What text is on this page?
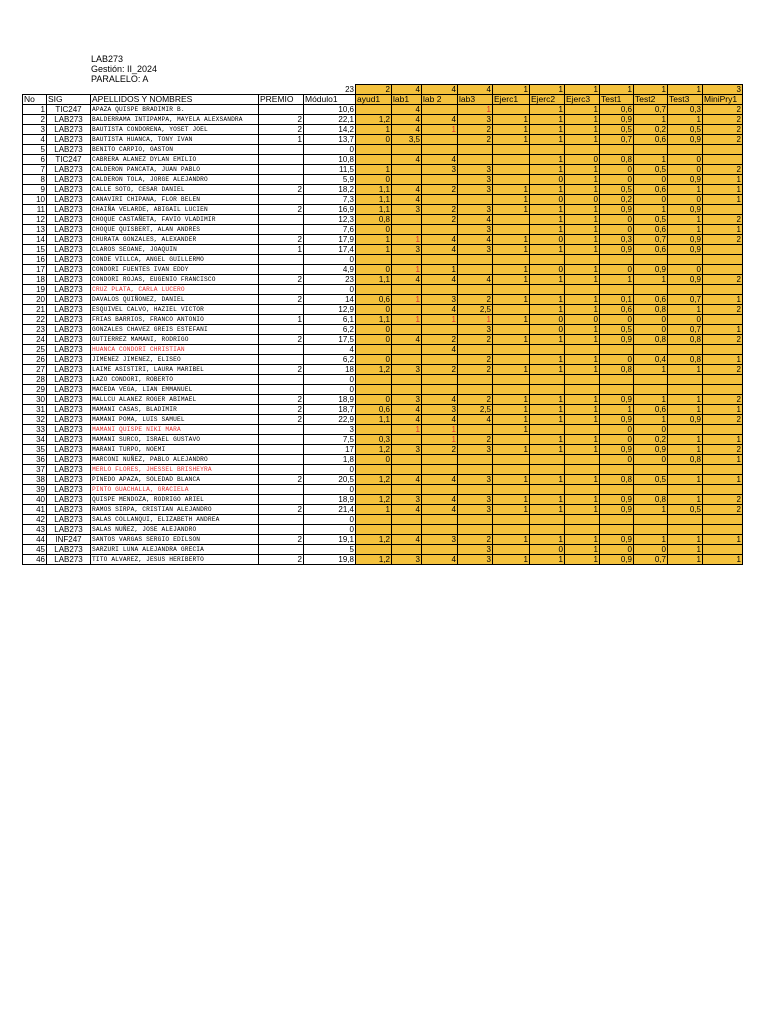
LAB273
Gestión: II_2024
PARALELO: A
				23	2	4	4	4	1	1	1	1	1	1	3
No	SIG	APELLIDOS Y NOMBRES	PREMIO	Módulo1	ayud1	lab1	lab 2	lab3	Ejerc1	Ejerc2	Ejerc3	Test1	Test2	Test3	MiniPry1
1	TIC247	APAZA QUISPE BRADIMIR B.		10,6		4		1		1	1	0,6	0,7	0,3	2
2	LAB273	BALDERRAMA INTIPAMPA, MAYELA ALEXSANDRA	2	22,1	1,2	4	4	3	1	1	1	0,9	1	1	2
3	LAB273	BAUTISTA CONDORENA, YOSET JOEL	2	14,2	1	4	1	2	1	1	1	0,5	0,2	0,5	2
4	LAB273	BAUTISTA HUANCA, TONY IVAN	1	13,7	0	3,5		2	1	1	1	0,7	0,6	0,9	2
5	LAB273	BENITO CARPIO, GASTON		0											
6	TIC247	CABRERA ALANEZ DYLAN EMILIO		10,8		4	4			1	0	0,8	1	0	
7	LAB273	CALDERON PANCATA, JUAN PABLO		11,5	1		3	3		1	1	0	0,5	0	2
8	LAB273	CALDERON TOLA, JORGE ALEJANDRO		5,9	0			3		0	1	0	0	0,9	1
9	LAB273	CALLE SOTO, CESAR DANIEL	2	18,2	1,1	4	2	3	1	1	1	0,5	0,6	1	1
10	LAB273	CANAVIRI CHIPANA, FLOR BELEN		7,3	1,1	4			1	0	0	0,2	0	0	1
11	LAB273	CHAIÑA VELARDE, ABIGAIL LUCIEN	2	16,9	1,1	3	2	3	1	1	1	0,9	1	0,9	
12	LAB273	CHOQUE CASTAÑETA, FAVIO VLADIMIR		12,3	0,8		2	4		1	1	0	0,5	1	2
13	LAB273	CHOQUE QUISBERT, ALAN ANDRES		7,6	0			3		1	1	0	0,6	1	1
14	LAB273	CHURATA GONZALES, ALEXANDER	2	17,9	1	1	4	4	1	0	1	0,3	0,7	0,9	2
15	LAB273	CLAROS SEOANE, JOAQUIN	1	17,4	1	3	4	3	1	1	1	0,9	0,6	0,9	
16	LAB273	CONDE VILLCA, ANGEL GUILLERMO		0											
17	LAB273	CONDORI FUENTES IVAN EDDY		4,9	0	1	1		1	0	1	0	0,9	0	
18	LAB273	CONDORI ROJAS, EUGENIO FRANCISCO	2	23	1,1	4	4	4	1	1	1	1	1	0,9	2
19	LAB273	CRUZ PLATA, CARLA LUCERO		0											
20	LAB273	DAVALOS QUIÑONEZ, DANIEL	2	14	0,6	1	3	2	1	1	1	0,1	0,6	0,7	1
21	LAB273	ESQUIVEL CALVO, HAZIEL VICTOR		12,9	0		4	2,5		1	1	0,6	0,8	1	2
22	LAB273	FRIAS BARRIOS, FRANCO ANTONIO	1	6,1	1,1	1	1	1	1	0	0	0	0	0	
23	LAB273	GONZALES CHAVEZ GREIS ESTEFANI		6,2	0			3		0	1	0,5	0	0,7	1
24	LAB273	GUTIERREZ MAMANI, RODRIGO	2	17,5	0	4	2	2	1	1	1	0,9	0,8	0,8	2
25	LAB273	HUANCA CONDORI CHRISTIAN		4			4								
26	LAB273	JIMENEZ JIMENEZ, ELISEO		6,2	0			2		1	1	0	0,4	0,8	1
27	LAB273	LAIME ASISTIRI, LAURA MARIBEL	2	18	1,2	3	2	2	1	1	1	0,8	1	1	2
28	LAB273	LAZO CONDORI, ROBERTO		0											
29	LAB273	MACEDA VEGA, LIAN EMMANUEL		0											
30	LAB273	MALLCU ALANEZ ROGER ABIMAEL	2	18,9	0	3	4	2	1	1	1	0,9	1	1	2
31	LAB273	MAMANI CASAS, BLADIMIR	2	18,7	0,6	4	3	2,5	1	1	1	1	0,6	1	1
32	LAB273	MAMANI POMA, LUIS SAMUEL	2	22,9	1,1	4	4	4	1	1	1	0,9	1	0,9	2
33	LAB273	MAMANI QUISPE NIKI MARA		3		1	1		1			0	0		
34	LAB273	MAMANI SURCO, ISRAEL GUSTAVO		7,5	0,3		1	2		1	1	0	0,2	1	1
35	LAB273	MARANI TURPO, NOEMI		17	1,2	3	2	3	1	1	1	0,9	0,9	1	2
36	LAB273	MARCONI NUÑEZ, PABLO ALEJANDRO		1,8	0							0	0	0,8	1
37	LAB273	MERLO FLORES, JHESSEL BRISHEYRA		0											
38	LAB273	PINEDO APAZA, SOLEDAD BLANCA	2	20,5	1,2	4	4	3	1	1	1	0,8	0,5	1	1
39	LAB273	PINTO GUACHALLA, GRACIELA		0											
40	LAB273	QUISPE MENDOZA, RODRIGO ARIEL		18,9	1,2	3	4	3	1	1	1	0,9	0,8	1	2
41	LAB273	RAMOS SIRPA, CRISTIAN ALEJANDRO	2	21,4	1	4	4	3	1	1	1	0,9	1	0,5	2
42	LAB273	SALAS COLLANQUI, ELIZABETH ANDREA		0											
43	LAB273	SALAS NUÑEZ, JOSE ALEJANDRO		0											
44	INF247	SANTOS VARGAS SERGIO EDILSON	2	19,1	1,2	4	3	2	1	1	1	0,9	1	1	1
45	LAB273	SARZURI LUNA ALEJANDRA GRECIA		5				3		0	1	0	0	1	
46	LAB273	TITO ALVAREZ, JESUS HERIBERTO	2	19,8	1,2	3	4	3	1	1	1	0,9	0,7	1	1
